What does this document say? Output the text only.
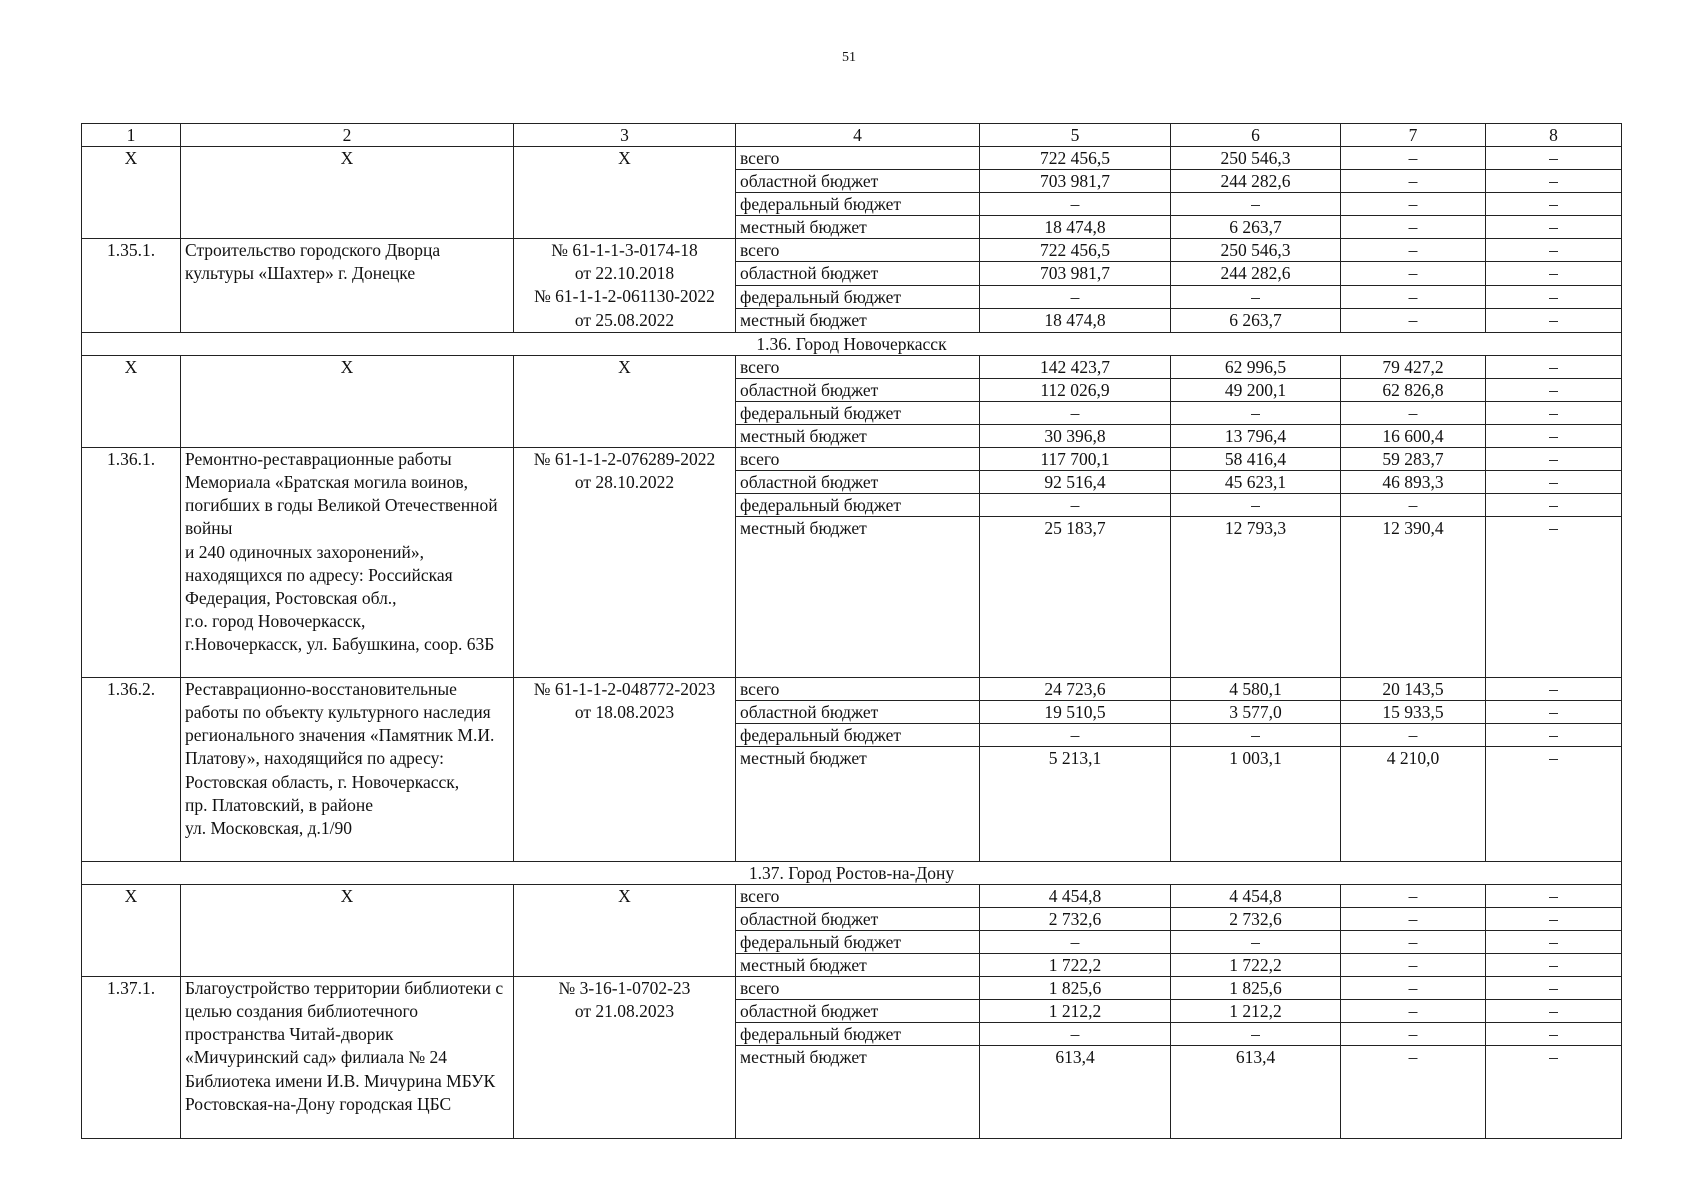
51
1	2	3	4	5	6	7	8
Х	Х	Х	всего	722 456,5	250 546,3	–	–
			областной бюджет	703 981,7	244 282,6	–	–
			федеральный бюджет	–	–	–	–
			местный бюджет	18 474,8	6 263,7	–	–
1.35.1.	Строительство городского Дворца культуры «Шахтер» г. Донецке	№ 61-1-1-3-0174-18
от 22.10.2018
№ 61-1-1-2-061130-2022
от 25.08.2022	всего	722 456,5	250 546,3	–	–
			областной бюджет	703 981,7	244 282,6	–	–
			федеральный бюджет	–	–	–	–
			местный бюджет	18 474,8	6 263,7	–	–
1.36. Город Новочеркасск							
Х	Х	Х	всего	142 423,7	62 996,5	79 427,2	–
			областной бюджет	112 026,9	49 200,1	62 826,8	–
			федеральный бюджет	–	–	–	–
			местный бюджет	30 396,8	13 796,4	16 600,4	–
1.36.1.	Ремонтно-реставрационные работы Мемориала «Братская могила воинов, погибших в годы Великой Отечественной войны
и 240 одиночных захоронений», находящихся по адресу: Российская Федерация, Ростовская обл.,
г.о. город Новочеркасск,
г.Новочеркасск, ул. Бабушкина, соор. 63Б	№ 61-1-1-2-076289-2022
от 28.10.2022	всего	117 700,1	58 416,4	59 283,7	–
			областной бюджет	92 516,4	45 623,1	46 893,3	–
			федеральный бюджет	–	–	–	–
			местный бюджет	25 183,7	12 793,3	12 390,4	–
1.36.2.	Реставрационно-восстановительные работы по объекту культурного наследия регионального значения «Памятник М.И. Платову», находящийся по адресу: Ростовская область, г. Новочеркасск,
пр. Платовский, в районе
ул. Московская, д.1/90	№ 61-1-1-2-048772-2023
от 18.08.2023	всего	24 723,6	4 580,1	20 143,5	–
			областной бюджет	19 510,5	3 577,0	15 933,5	–
			федеральный бюджет	–	–	–	–
			местный бюджет	5 213,1	1 003,1	4 210,0	–
1.37. Город Ростов-на-Дону							
Х	Х	Х	всего	4 454,8	4 454,8	–	–
			областной бюджет	2 732,6	2 732,6	–	–
			федеральный бюджет	–	–	–	–
			местный бюджет	1 722,2	1 722,2	–	–
1.37.1.	Благоустройство территории библиотеки с целью создания библиотечного пространства Читай-дворик «Мичуринский сад» филиала № 24 Библиотека имени И.В. Мичурина МБУК Ростовская-на-Дону городская ЦБС	№ 3-16-1-0702-23
от 21.08.2023	всего	1 825,6	1 825,6	–	–
			областной бюджет	1 212,2	1 212,2	–	–
			федеральный бюджет	–	–	–	–
			местный бюджет	613,4	613,4	–	–
